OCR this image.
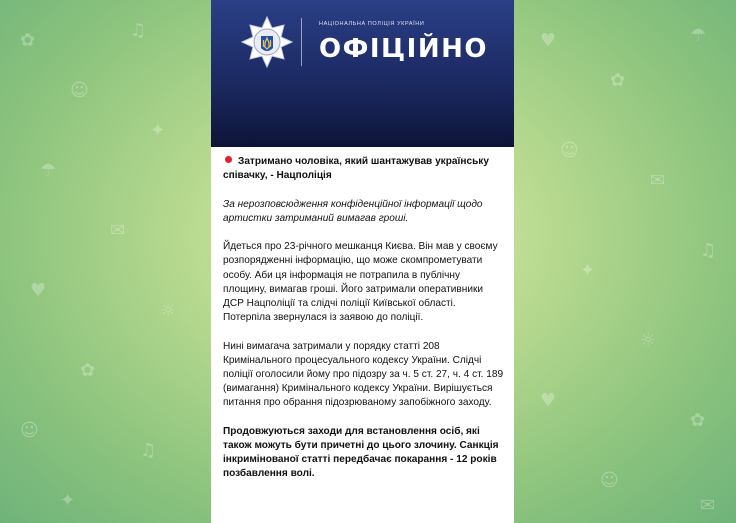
✿
☺
♫
✦
☂
✉
♥
☼
✿
☺
♫
✦
♥
✿
☂
☺
✉
♫
✦
☼
♥
✿
☺
✉
НАЦІОНАЛЬНА ПОЛІЦІЯ УКРАЇНИ
ОФІЦІЙНО

Затримано чоловіка, який шантажував українську співачку, - Нацполіція

За нерозповсюдження конфіденційної інформації щодо артистки затриманий вимагав гроші.

Йдеться про 23-річного мешканця Києва. Він мав у своєму розпорядженні інформацію, що може скомпрометувати особу. Аби ця інформація не потрапила в публічну площину, вимагав гроші. Його затримали оперативники ДСР Нацполіції та слідчі поліції Київської області. Потерпіла звернулася із заявою до поліції.

Нині вимагача затримали у порядку статті 208 Кримінального процесуального кодексу України. Слідчі поліції оголосили йому про підозру за ч. 5 ст. 27, ч. 4 ст. 189 (вимагання) Кримінального кодексу України. Вирішується питання про обрання підозрюваному запобіжного заходу.

Продовжуються заходи для встановлення осіб, які також можуть бути причетні до цього злочину. Санкція інкримінованої статті передбачає покарання - 12 років позбавлення волі.
